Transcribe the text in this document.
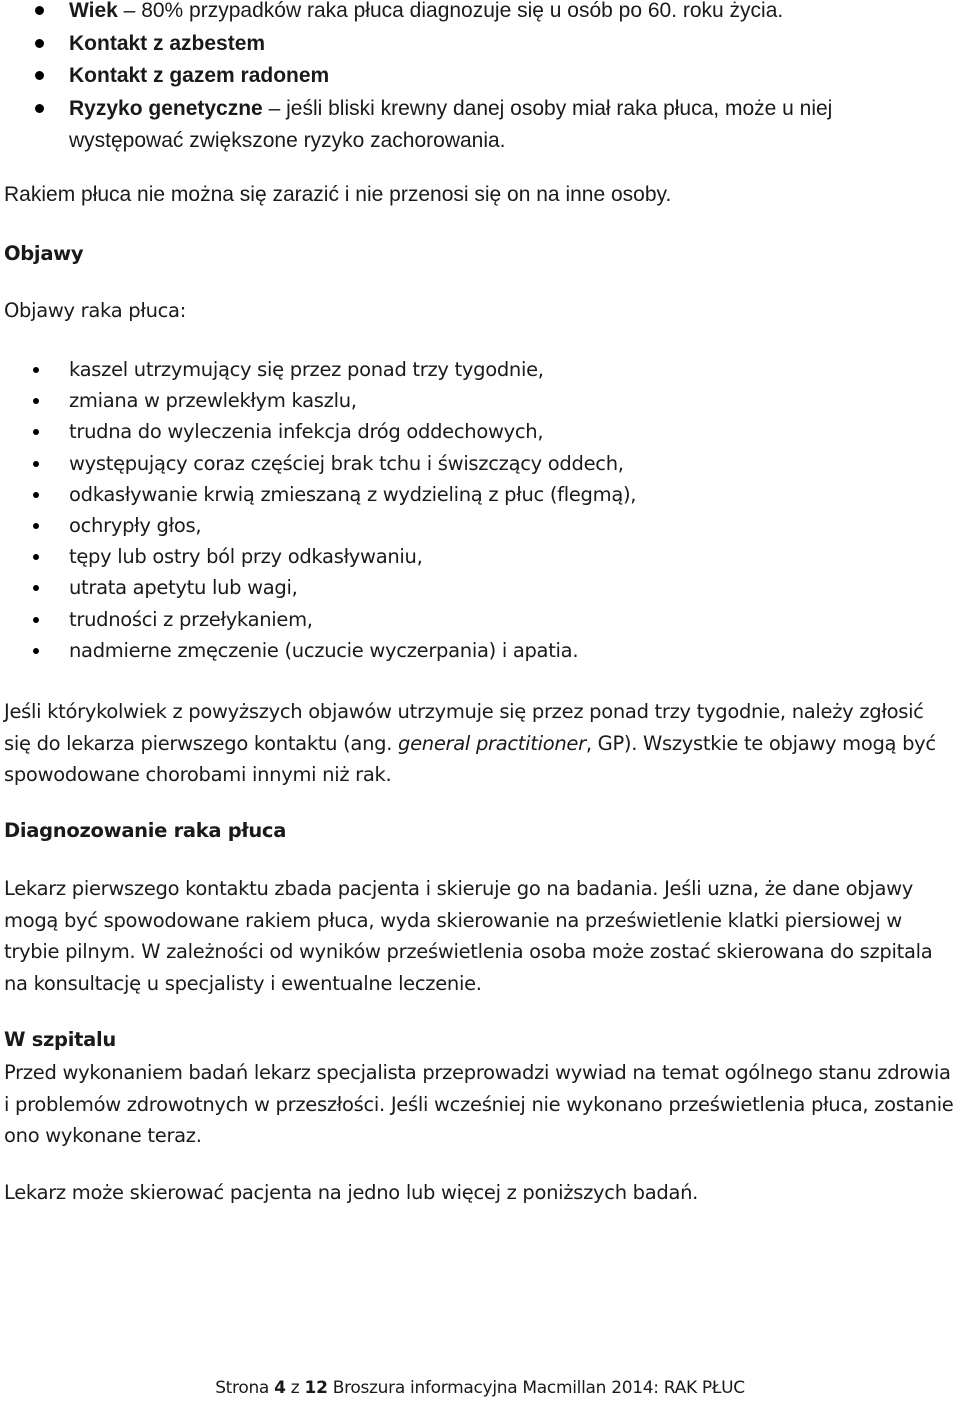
Wiek – 80% przypadków raka płuca diagnozuje się u osób po 60. roku życia.
Kontakt z azbestem
Kontakt z gazem radonem
Ryzyko genetyczne – jeśli bliski krewny danej osoby miał raka płuca, może u niej występować zwiększone ryzyko zachorowania.

Rakiem płuca nie można się zarazić i nie przenosi się on na inne osoby.

Objawy

Objawy raka płuca:

kaszel utrzymujący się przez ponad trzy tygodnie,
zmiana w przewlekłym kaszlu,
trudna do wyleczenia infekcja dróg oddechowych,
występujący coraz częściej brak tchu i świszczący oddech,
odkasływanie krwią zmieszaną z wydzieliną z płuc (flegmą),
ochrypły głos,
tępy lub ostry ból przy odkasływaniu,
utrata apetytu lub wagi,
trudności z przełykaniem,
nadmierne zmęczenie (uczucie wyczerpania) i apatia.

Jeśli którykolwiek z powyższych objawów utrzymuje się przez ponad trzy tygodnie, należy zgłosić się do lekarza pierwszego kontaktu (ang. general practitioner, GP). Wszystkie te objawy mogą być spowodowane chorobami innymi niż rak.

Diagnozowanie raka płuca

Lekarz pierwszego kontaktu zbada pacjenta i skieruje go na badania. Jeśli uzna, że dane objawy mogą być spowodowane rakiem płuca, wyda skierowanie na prześwietlenie klatki piersiowej w trybie pilnym. W zależności od wyników prześwietlenia osoba może zostać skierowana do szpitala na konsultację u specjalisty i ewentualne leczenie.

W szpitalu

Przed wykonaniem badań lekarz specjalista przeprowadzi wywiad na temat ogólnego stanu zdrowia i problemów zdrowotnych w przeszłości. Jeśli wcześniej nie wykonano prześwietlenia płuca, zostanie ono wykonane teraz.

Lekarz może skierować pacjenta na jedno lub więcej z poniższych badań.

Strona 4 z 12 Broszura informacyjna Macmillan 2014: RAK PŁUC
